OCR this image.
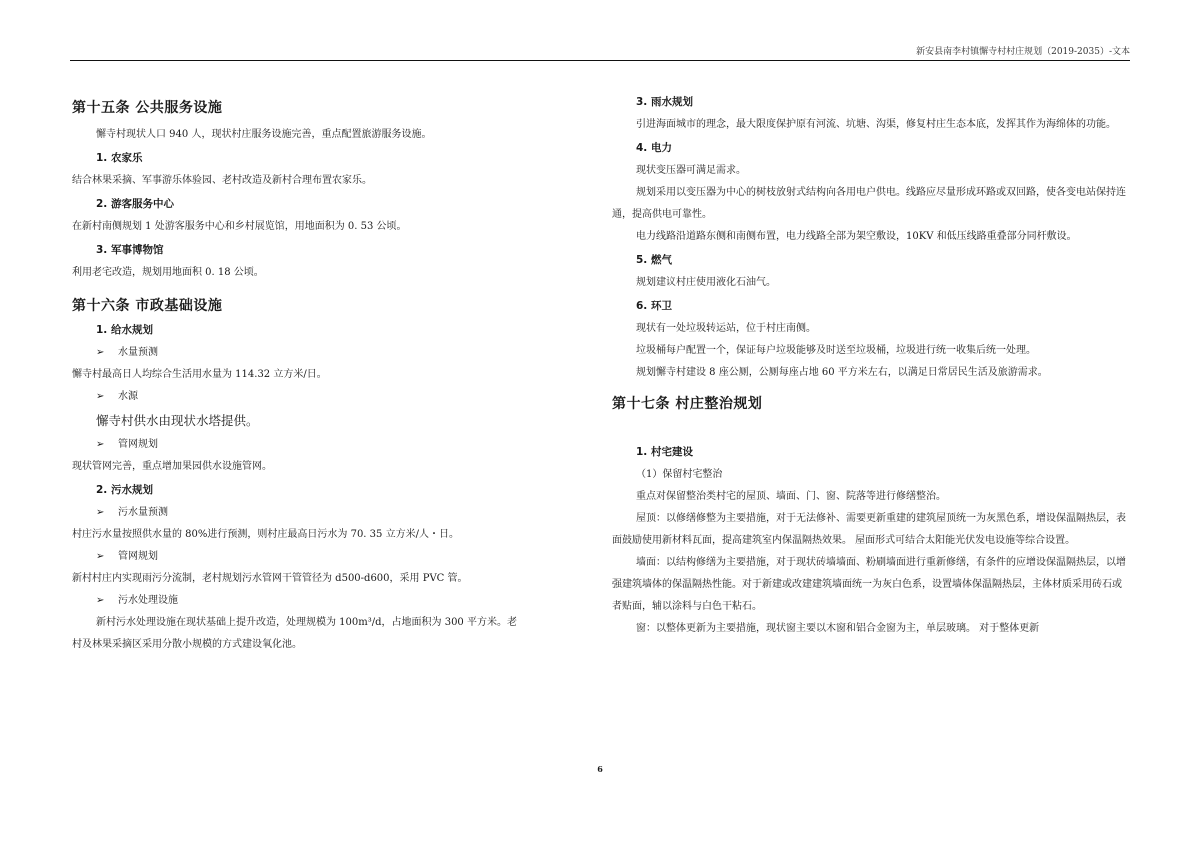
新安县南李村镇懈寺村村庄规划（2019-2035）-文本
第十五条 公共服务设施

懈寺村现状人口 940 人，现状村庄服务设施完善，重点配置旅游服务设施。

1. 农家乐

结合林果采摘、军事游乐体验园、老村改造及新村合理布置农家乐。

2. 游客服务中心

在新村南侧规划 1 处游客服务中心和乡村展览馆，用地面积为 0. 53 公顷。

3. 军事博物馆

利用老宅改造，规划用地面积 0. 18 公顷。

第十六条 市政基础设施
1. 给水规划
➢ 水量预测

懈寺村最高日人均综合生活用水量为 114.32 立方米/日。

➢ 水源

懈寺村供水由现状水塔提供。

➢ 管网规划

现状管网完善，重点增加果园供水设施管网。

2. 污水规划
➢ 污水量预测

村庄污水量按照供水量的 80%进行预测，则村庄最高日污水为 70. 35 立方米/人・日。

➢ 管网规划

新村村庄内实现雨污分流制，老村规划污水管网干管管径为 d500-d600，采用 PVC 管。

➢ 污水处理设施

新村污水处理设施在现状基础上提升改造，处理规模为 100m³/d，占地面积为 300 平方米。老

村及林果采摘区采用分散小规模的方式建设氧化池。

3. 雨水规划

引进海面城市的理念，最大限度保护原有河流、坑塘、沟渠，修复村庄生态本底，发挥其作为海绵体的功能。

4. 电力

现状变压器可满足需求。

规划采用以变压器为中心的树枝放射式结构向各用电户供电。线路应尽量形成环路或双回路，使各变电站保持连通，提高供电可靠性。

电力线路沿道路东侧和南侧布置，电力线路全部为架空敷设，10KV 和低压线路重叠部分同杆敷设。

5. 燃气

规划建议村庄使用液化石油气。

6. 环卫

现状有一处垃圾转运站，位于村庄南侧。

垃圾桶每户配置一个，保证每户垃圾能够及时送至垃圾桶，垃圾进行统一收集后统一处理。

规划懈寺村建设 8 座公厕，公厕每座占地 60 平方米左右，以满足日常居民生活及旅游需求。

第十七条 村庄整治规划
1. 村宅建设

（1）保留村宅整治

重点对保留整治类村宅的屋顶、墙面、门、窗、院落等进行修缮整治。

屋顶：以修缮修整为主要措施，对于无法修补、需要更新重建的建筑屋顶统一为灰黑色系，增设保温隔热层，表面鼓励使用新材料瓦面，提高建筑室内保温隔热效果。 屋面形式可结合太阳能光伏发电设施等综合设置。

墙面：以结构修缮为主要措施，对于现状砖墙墙面、粉刷墙面进行重新修缮，有条件的应增设保温隔热层，以增强建筑墙体的保温隔热性能。对于新建或改建建筑墙面统一为灰白色系，设置墙体保温隔热层，主体材质采用砖石或者贴面，辅以涂料与白色干粘石。

窗：以整体更新为主要措施，现状窗主要以木窗和铝合金窗为主，单层玻璃。 对于整体更新

6
